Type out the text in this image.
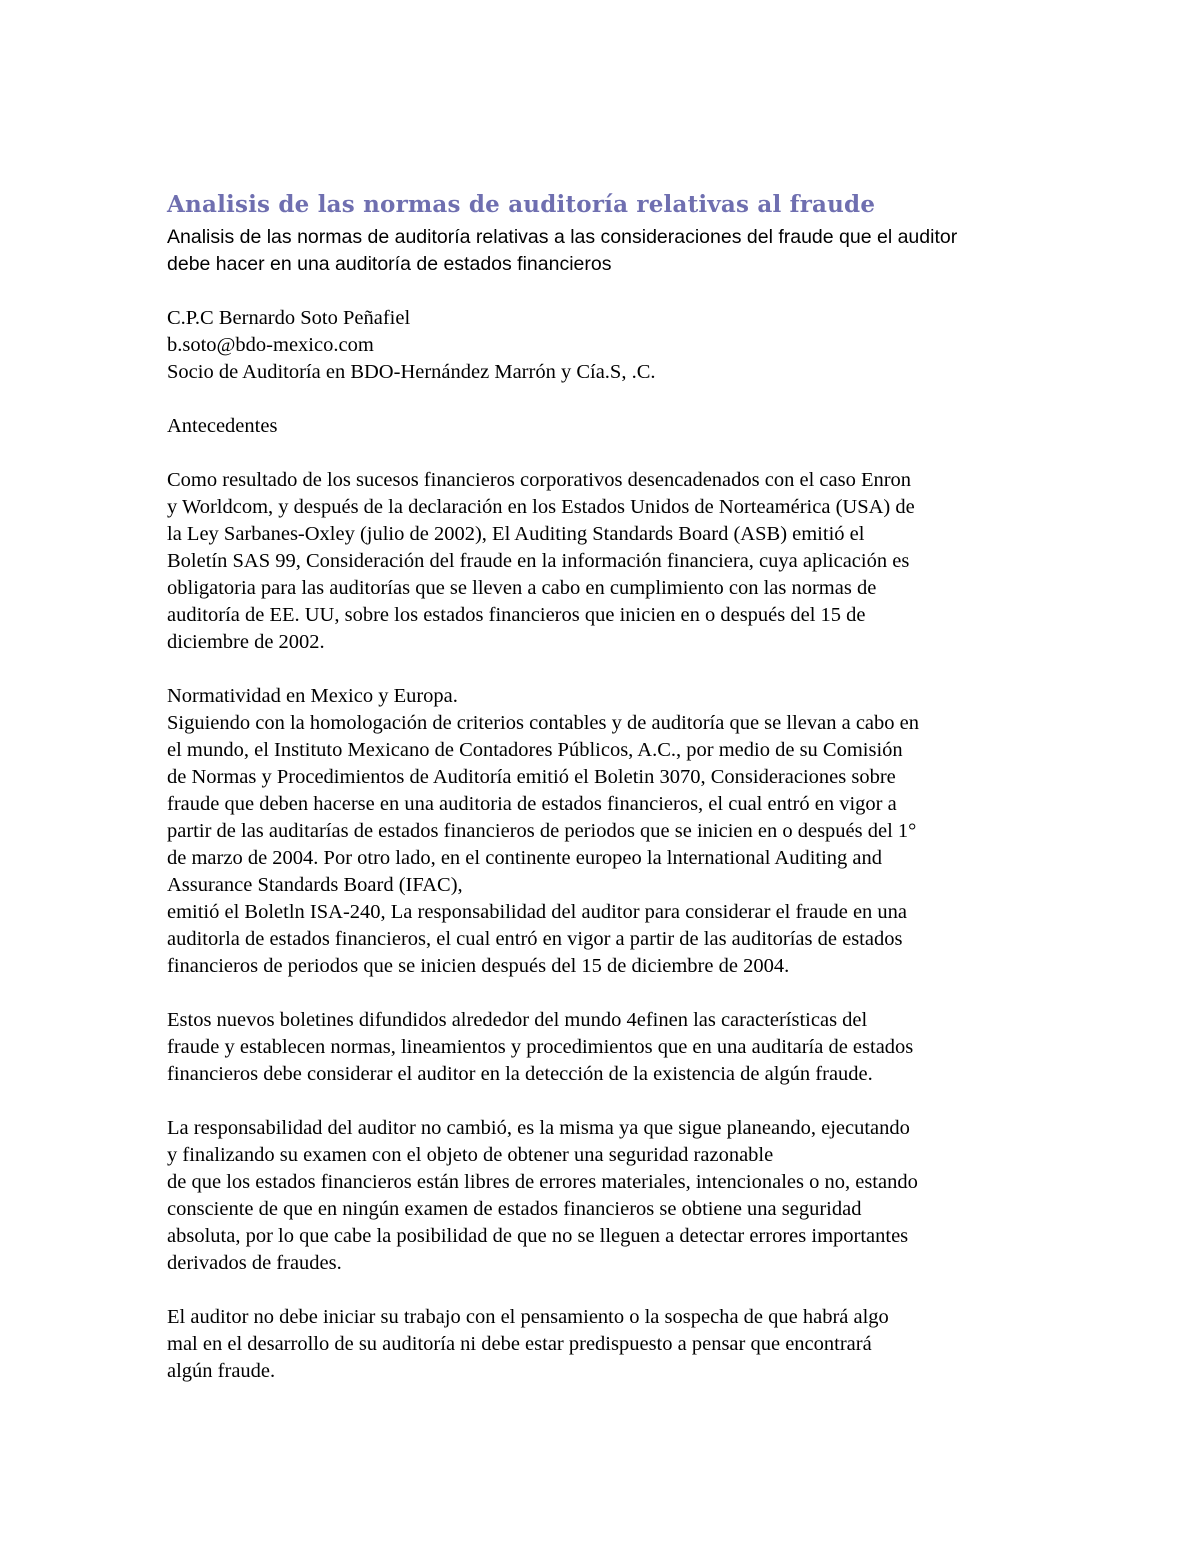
Analisis de las normas de auditoría relativas al fraude

Analisis de las normas de auditoría relativas a las consideraciones del fraude que el auditor
debe hacer en una auditoría de estados financieros

C.P.C Bernardo Soto Peñafiel
b.soto@bdo-mexico.com
Socio de Auditoría en BDO-Hernández Marrón y Cía.S, .C.

Antecedentes

Como resultado de los sucesos financieros corporativos desencadenados con el caso Enron
y Worldcom, y después de la declaración en los Estados Unidos de Norteamérica (USA) de
la Ley Sarbanes-Oxley (julio de 2002), El Auditing Standards Board (ASB) emitió el
Boletín SAS 99, Consideración del fraude en la información financiera, cuya aplicación es
obligatoria para las auditorías que se lleven a cabo en cumplimiento con las normas de
auditoría de EE. UU, sobre los estados financieros que inicien en o después del 15 de
diciembre de 2002.

Normatividad en Mexico y Europa.
Siguiendo con la homologación de criterios contables y de auditoría que se llevan a cabo en
el mundo, el Instituto Mexicano de Contadores Públicos, A.C., por medio de su Comisión
de Normas y Procedimientos de Auditoría emitió el Boletin 3070, Consideraciones sobre
fraude que deben hacerse en una auditoria de estados financieros, el cual entró en vigor a
partir de las auditarías de estados financieros de periodos que se inicien en o después del 1°
de marzo de 2004. Por otro lado, en el continente europeo la lnternational Auditing and
Assurance Standards Board (IFAC),
emitió el Boletln ISA-240, La responsabilidad del auditor para considerar el fraude en una
auditorla de estados financieros, el cual entró en vigor a partir de las auditorías de estados
financieros de periodos que se inicien después del 15 de diciembre de 2004.

Estos nuevos boletines difundidos alrededor del mundo 4efinen las características del
fraude y establecen normas, lineamientos y procedimientos que en una auditaría de estados
financieros debe considerar el auditor en la detección de la existencia de algún fraude.

La responsabilidad del auditor no cambió, es la misma ya que sigue planeando, ejecutando
y finalizando su examen con el objeto de obtener una seguridad razonable
de que los estados financieros están libres de errores materiales, intencionales o no, estando
consciente de que en ningún examen de estados financieros se obtiene una seguridad
absoluta, por lo que cabe la posibilidad de que no se lleguen a detectar errores importantes
derivados de fraudes.

El auditor no debe iniciar su trabajo con el pensamiento o la sospecha de que habrá algo
mal en el desarrollo de su auditoría ni debe estar predispuesto a pensar que encontrará
algún fraude.
